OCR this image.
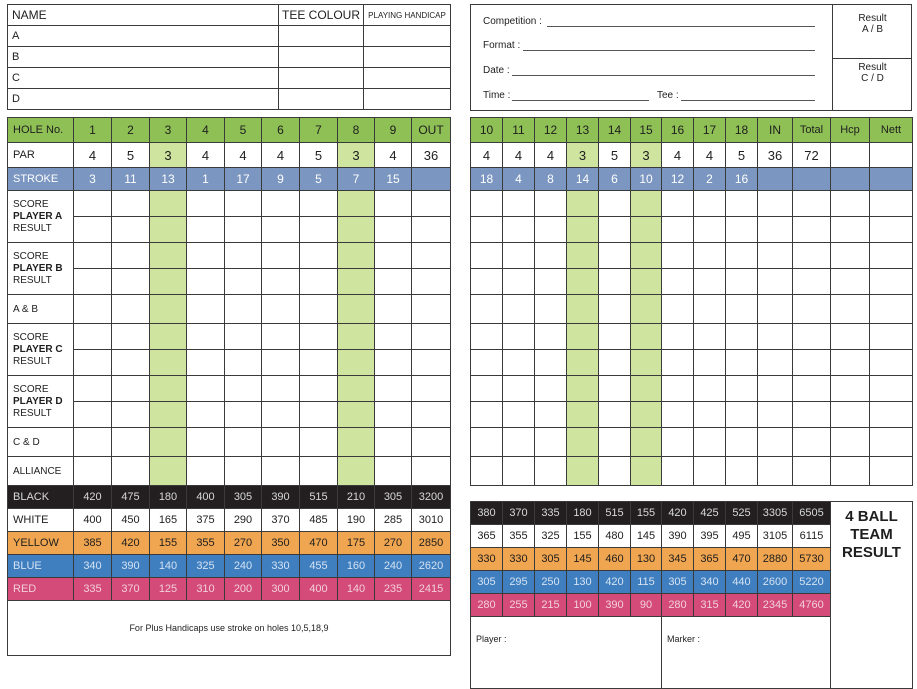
NAME	TEE COLOUR	PLAYING HANDICAP
A		
B		
C		
D		
HOLE No.	1	2	3	4	5	6	7	8	9	OUT
PAR	4	5	3	4	4	4	5	3	4	36
STROKE	3	11	13	1	17	9	5	7	15	
SCORE
PLAYER A
RESULT										

SCORE
PLAYER B
RESULT										

A & B										
SCORE
PLAYER C
RESULT										

SCORE
PLAYER D
RESULT										

C & D										
ALLIANCE										
BLACK	420	475	180	400	305	390	515	210	305	3200
WHITE	400	450	165	375	290	370	485	190	285	3010
YELLOW	385	420	155	355	270	350	470	175	270	2850
BLUE	340	390	140	325	240	330	455	160	240	2620
RED	335	370	125	310	200	300	400	140	235	2415
For Plus Handicaps use stroke on holes 10,5,18,9										
Competition :
Format :
Date :
Time :	Tee :
Result
A / B
Result
C / D
10	11	12	13	14	15	16	17	18	IN	Total	Hcp	Nett
4	4	4	3	5	3	4	4	5	36	72		
18	4	8	14	6	10	12	2	16				

380	370	335	180	515	155	420	425	525	3305	6505	4 BALL TEAM RESULT
365	355	325	155	480	145	390	395	495	3105	6115	
330	330	305	145	460	130	345	365	470	2880	5730	
305	295	250	130	420	115	305	340	440	2600	5220	
280	255	215	100	390	90	280	315	420	2345	4760	
Player :						Marker :					
